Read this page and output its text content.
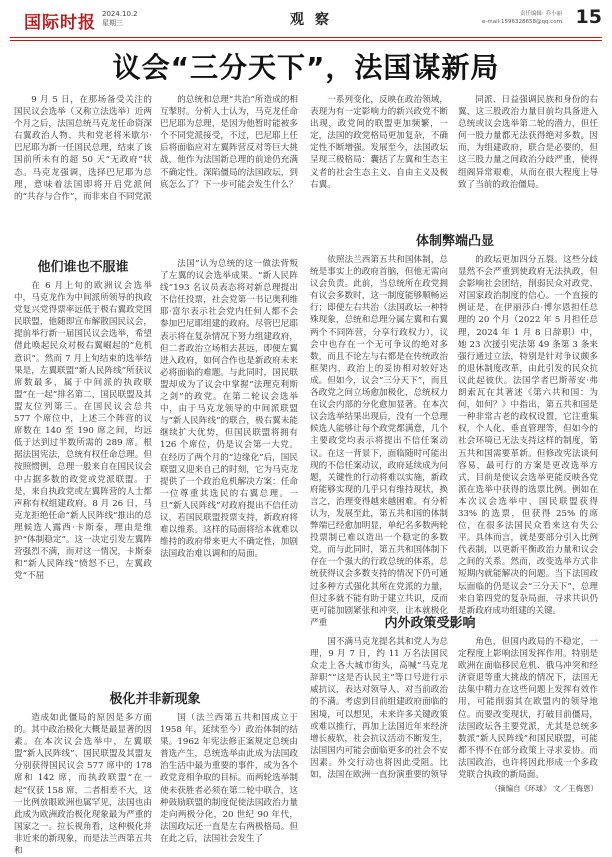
国际时报 2024.10.2
星期三	观 察	责任编辑: 乔小丽
e-mail:1596328658@qq.com 15
议会“三分天下”，法国谋新局

9 月 5 日，在那场备受关注的国民议会选举（又称立法选举）近两个月之后，法国总统马克龙任命资深右翼政治人物、共和党老将米歇尔·巴尼耶为新一任国民总理，结束了该国前所未有的超 50 天“无政府”状态。马克龙强调，选择巴尼耶为总理，意味着法国即将开启党派间的“共存与合作”，而非来自不同党派

的总统和总理“共治”所造成的相互掣肘。分析人士认为，马克龙任命巴尼耶为总理，是因为他暂时能被多个不同党派接受，不过，巴尼耶上任后将面临应对左翼阵营反对等巨大挑战，他作为法国新总理的前途仍充满不确定性。深陷僵局的法国政坛，到底怎么了？下一步可能会发生什么？

他们谁也不服谁

在 6 月上旬的欧洲议会选举中，马克龙作为中间派所领导的执政党复兴党得票率远低于极右翼政党国民联盟，他随即宣布解散国民议会，提前举行新一届国民议会选举，希望借此唤起民众对极右翼崛起的“危机意识”。然而 7 月上旬结束的选举结果是，左翼联盟“新人民阵线”所获议席数最多，属于中间派的执政联盟“在一起”排名第二，国民联盟及其盟友位列第三。在国民议会总共 577 个席位中，上述三个阵营的议席数在 140 至 190 席之间，均远低于达到过半数所需的 289 席。根据法国宪法，总统有权任命总理。但按照惯例，总理一般来自在国民议会中占据多数的政党或党派联盟。于是，来自执政党或左翼阵营的人士都声称有权组建政府。8 月 26 日，马克龙拒绝任命“新人民阵线”推出的总理候选人露西·卡斯泰，理由是维护“体制稳定”。这一决定引发左翼阵营强烈不满，而对这一情况，卡斯泰和“新人民阵线”愤怒不已，左翼政党“不屈

法国”认为总统的这一做法背叛了左翼的议会选举成果。“新人民阵线”193 名议员表态将对新总理提出不信任投票，社会党第一书记奥利维耶·富尔表示社会党内任何人都不会参加巴尼耶组建的政府。尽管巴尼耶表示将在复杂情况下努力组建政府，但二者政治立场相去甚远，即便左翼进入政府，如何合作也是新政府未来必将面临的难题。与此同时，国民联盟却成为了议会中掌握“法理克利斯之剑”的政党。在第二轮议会选举中，由于马克龙领导的中间派联盟与“新人民阵线”的联合，极右翼未能继续扩大优势，但国民联盟将拥有 126 个席位，仍是议会第一大党。在经历了两个月的“边缘化”后，国民联盟又迎来自己的时刻，它为马克龙提供了一个政治危机解决方案：任命一位尊重其选民的右翼总理。一旦“新人民阵线”对政府提出不信任动议，若国民联盟投票支持，新政府将难以维系。这样的局面将给本就难以维持的政府带来更大不确定性，加剧法国政治难以调和的局面。

极化并非新现象

造成如此僵局的原因是多方面的。其中政治极化大概是最显著的因素。在本次议会选举中，左翼联盟“新人民阵线”、国民联盟及其盟友分别获得国民议会 577 席中的 178 席和 142 席，而执政联盟“在一起”仅获 158 席，二者相差不大，这一比例放眼欧洲也属罕见，法国也由此成为欧洲政治极化现象最为严重的国家之一。拉长视角看，这种极化并非近来的新现象，而是法兰西第五共和

国（法兰西第五共和国成立于 1958 年，延续至今）政治体制的结果。1962 年宪法修正案规定总统由普选产生，总统选举由此成为法国政治生活中最为重要的事件，成为各个政党竞相争取的目标。而两轮选举制使未获胜者必须在第二轮中联合，这种鼓励联盟的制度促使法国政治力量走向两极分化，20 世纪 90 年代，法国政坛还一直是左右两极格局。但在此之后，法国社会发生了

一系列变化，反映在政治领域，表现为有一定影响力的新兴政党不断出现，政党间的联盟更加频繁，一定，法国的政党格局更加复杂，不确定性不断增强。发展至今，法国政坛呈现三极格局：囊括了左翼和生态主义者的社会生态主义、自由主义及极右翼。

同派、日益强调民族和身份的右翼，这三股政治力量目前均具备进入总统或议会选举第二轮的潜力，但任何一股力量都无法获得绝对多数。因而，为组建政府，联合是必要的，但这三股力量之间政治分歧严重，使得组阁异常艰难，从而在很大程度上导致了当前的政治僵局。

体制弊端凸显

依照法兰西第五共和国体制，总统是事实上的政府首脑，但他无需向议会负责。此前，当总统所在政党拥有议会多数时，这一制度能够顺畅运行；即便左右共治（法国政坛一种特殊现象，总统和总理分属左翼和右翼两个不同阵营，分享行政权力），议会中也存在一个无可争议的绝对多数，而且不论左与右都是在传统政治框架内，政治上的妥协相对较好达成。但如今，议会“三分天下”，而且各政党之间立场愈加极化，总统权力在议会内部的分化愈加显著。在本次议会选举结果出现后，没有一个总理候选人能够让每个政党都满意，几个主要政党均表示将提出不信任案动议。在这一背景下，面临随时可能出现的不信任案动议，政府延续成为问题，关键性的行动将难以实施，新政府能够实现的几乎只有维持现状，换言之，治理变得越来越困难。有分析认为，发展至此，第五共和国的体制弊端已经愈加明显，单纪名多数两轮投票制已难以造出一个稳定的多数党，而与此同时，第五共和国体制下存在一个强大的行政总统的体系，总统获得议会多数支持的情况下仍可通过多种方式强化其所在党派的力量，但过多就不能有助于建立共识，反而更可能加剧紧张和冲突，让本就极化严重

的政坛更加四分五裂。这些分歧显然不会严重到使政府无法执政，但会影响社会团结，削弱民众对政党、对国家政治制度的信心。一个直接的例证是，在伊丽莎白·博尔恩担任总理的 20 个月（2022 年 5 月担任总理，2024 年 1 月 8 日辞职）中，她 23 次援引宪法第 49 条第 3 条来强行通过立法，特别是针对争议颇多的退休制度改革，由此引发的民众抗议此起彼伏。法国学者巴斯蒂安·弗朗索瓦在其著述《第六共和国：为何，如何？》中指出，第五共和国是一种非常古老的政权设置，它注重集权，个人化、垂直管理等，但如今的社会环境已无法支持这样的制度，第五共和国需要革新。但修改宪法谈何容易，最可行的方案是更改选举方式，目前是使议会选举更能反映各党派在选举中获得的选票比例。例如在本次议会选举中，国民联盟获得 33% 的选票，但获得 25% 的席位，在很多法国民众看来这有失公平。具体而言，就是要部分引入比例代表制，以更新平衡政治力量和议会之间的关系。然而，改变选举方式非短期内就能解决的问题。当下法国政坛面临的仍是议会“三分天下”，总理来自第四党的复杂局面，寻求共识仍是新政府成功组建的关键。

内外政策受影响

国不满马克龙提名其和党人为总理，9 月 7 日，约 11 万名法国民众走上各大城市街头，高喊“马克龙辞职”“这是否认民主”等口号进行示威抗议，表达对领导人、对当前政治的不满。考虑到目前组建政府面临的困境，可以想见，未来许多关键政策或难以推行，再加上法国近年来经济增长疲软，社会抗议活动不断发生，法国国内可能会面临更多的社会不安因素。外交行动也将因此受阻。比如，法国在欧洲一直扮演重要的领导

角色，但国内政局的不稳定，一定程度上影响法国发挥作用。特别是欧洲在面临移民危机、俄乌冲突和经济衰退等重大挑战的情况下，法国无法集中精力在这些问题上发挥有效作用，可能削弱其在欧盟内的领导地位。而要改变现状，打破目前僵局，法国政坛各主要党派，尤其是总统多数派“新人民阵线”和国民联盟，可能都不得不在部分政策上寻求妥协。而法国政治，也许将因此形成一个多政党联合执政的新局面。

（摘编自《环球》 文／王梅恩）
